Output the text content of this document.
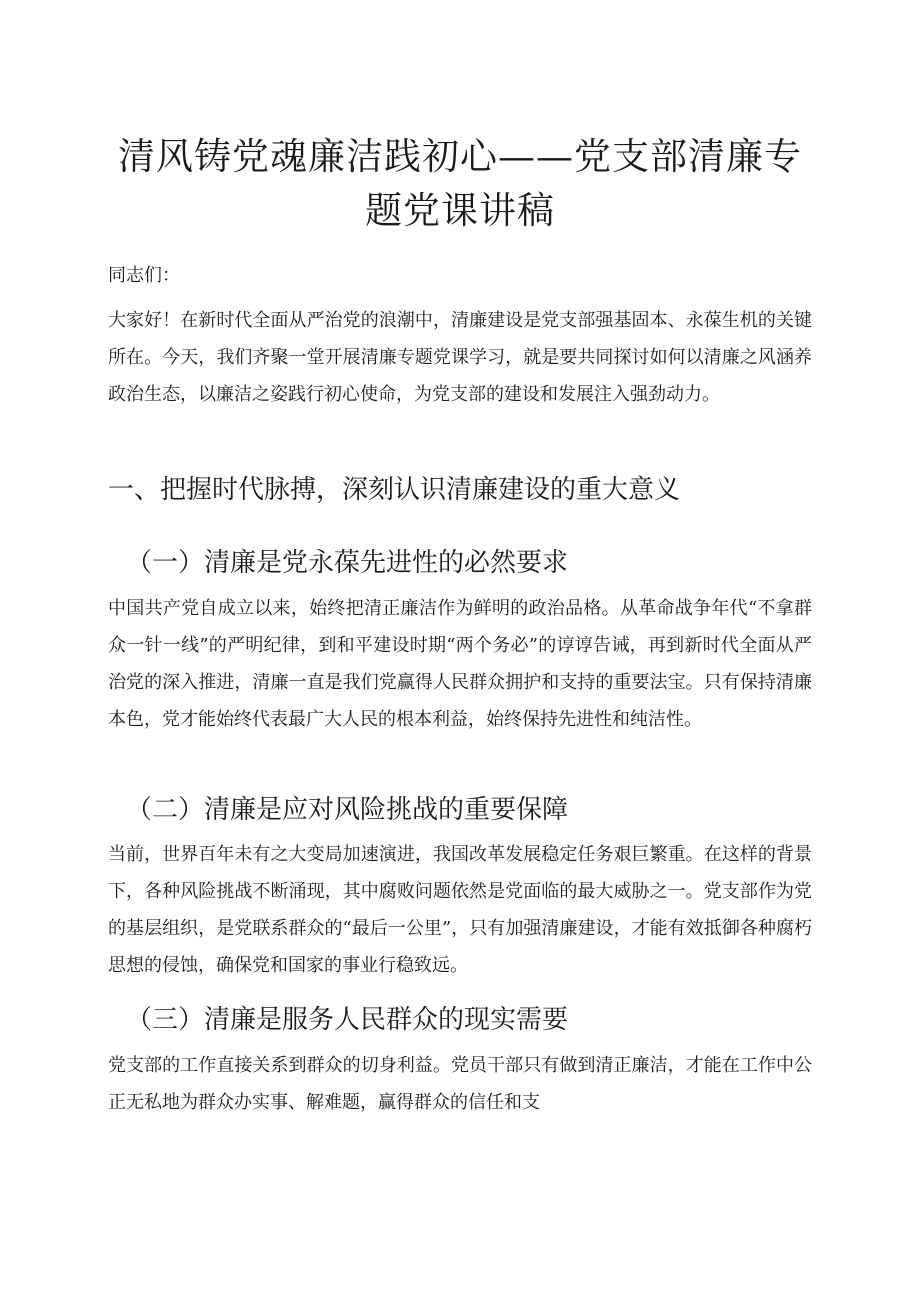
清风铸党魂廉洁践初心——党支部清廉专题党课讲稿

同志们：

大家好！在新时代全面从严治党的浪潮中，清廉建设是党支部强基固本、永葆生机的关键所在。今天，我们齐聚一堂开展清廉专题党课学习，就是要共同探讨如何以清廉之风涵养政治生态，以廉洁之姿践行初心使命，为党支部的建设和发展注入强劲动力。

一、把握时代脉搏，深刻认识清廉建设的重大意义
（一）清廉是党永葆先进性的必然要求

中国共产党自成立以来，始终把清正廉洁作为鲜明的政治品格。从革命战争年代“不拿群众一针一线”的严明纪律，到和平建设时期“两个务必”的谆谆告诫，再到新时代全面从严治党的深入推进，清廉一直是我们党赢得人民群众拥护和支持的重要法宝。只有保持清廉本色，党才能始终代表最广大人民的根本利益，始终保持先进性和纯洁性。

（二）清廉是应对风险挑战的重要保障

当前，世界百年未有之大变局加速演进，我国改革发展稳定任务艰巨繁重。在这样的背景下，各种风险挑战不断涌现，其中腐败问题依然是党面临的最大威胁之一。党支部作为党的基层组织，是党联系群众的“最后一公里”，只有加强清廉建设，才能有效抵御各种腐朽思想的侵蚀，确保党和国家的事业行稳致远。

（三）清廉是服务人民群众的现实需要

党支部的工作直接关系到群众的切身利益。党员干部只有做到清正廉洁，才能在工作中公正无私地为群众办实事、解难题，赢得群众的信任和支
